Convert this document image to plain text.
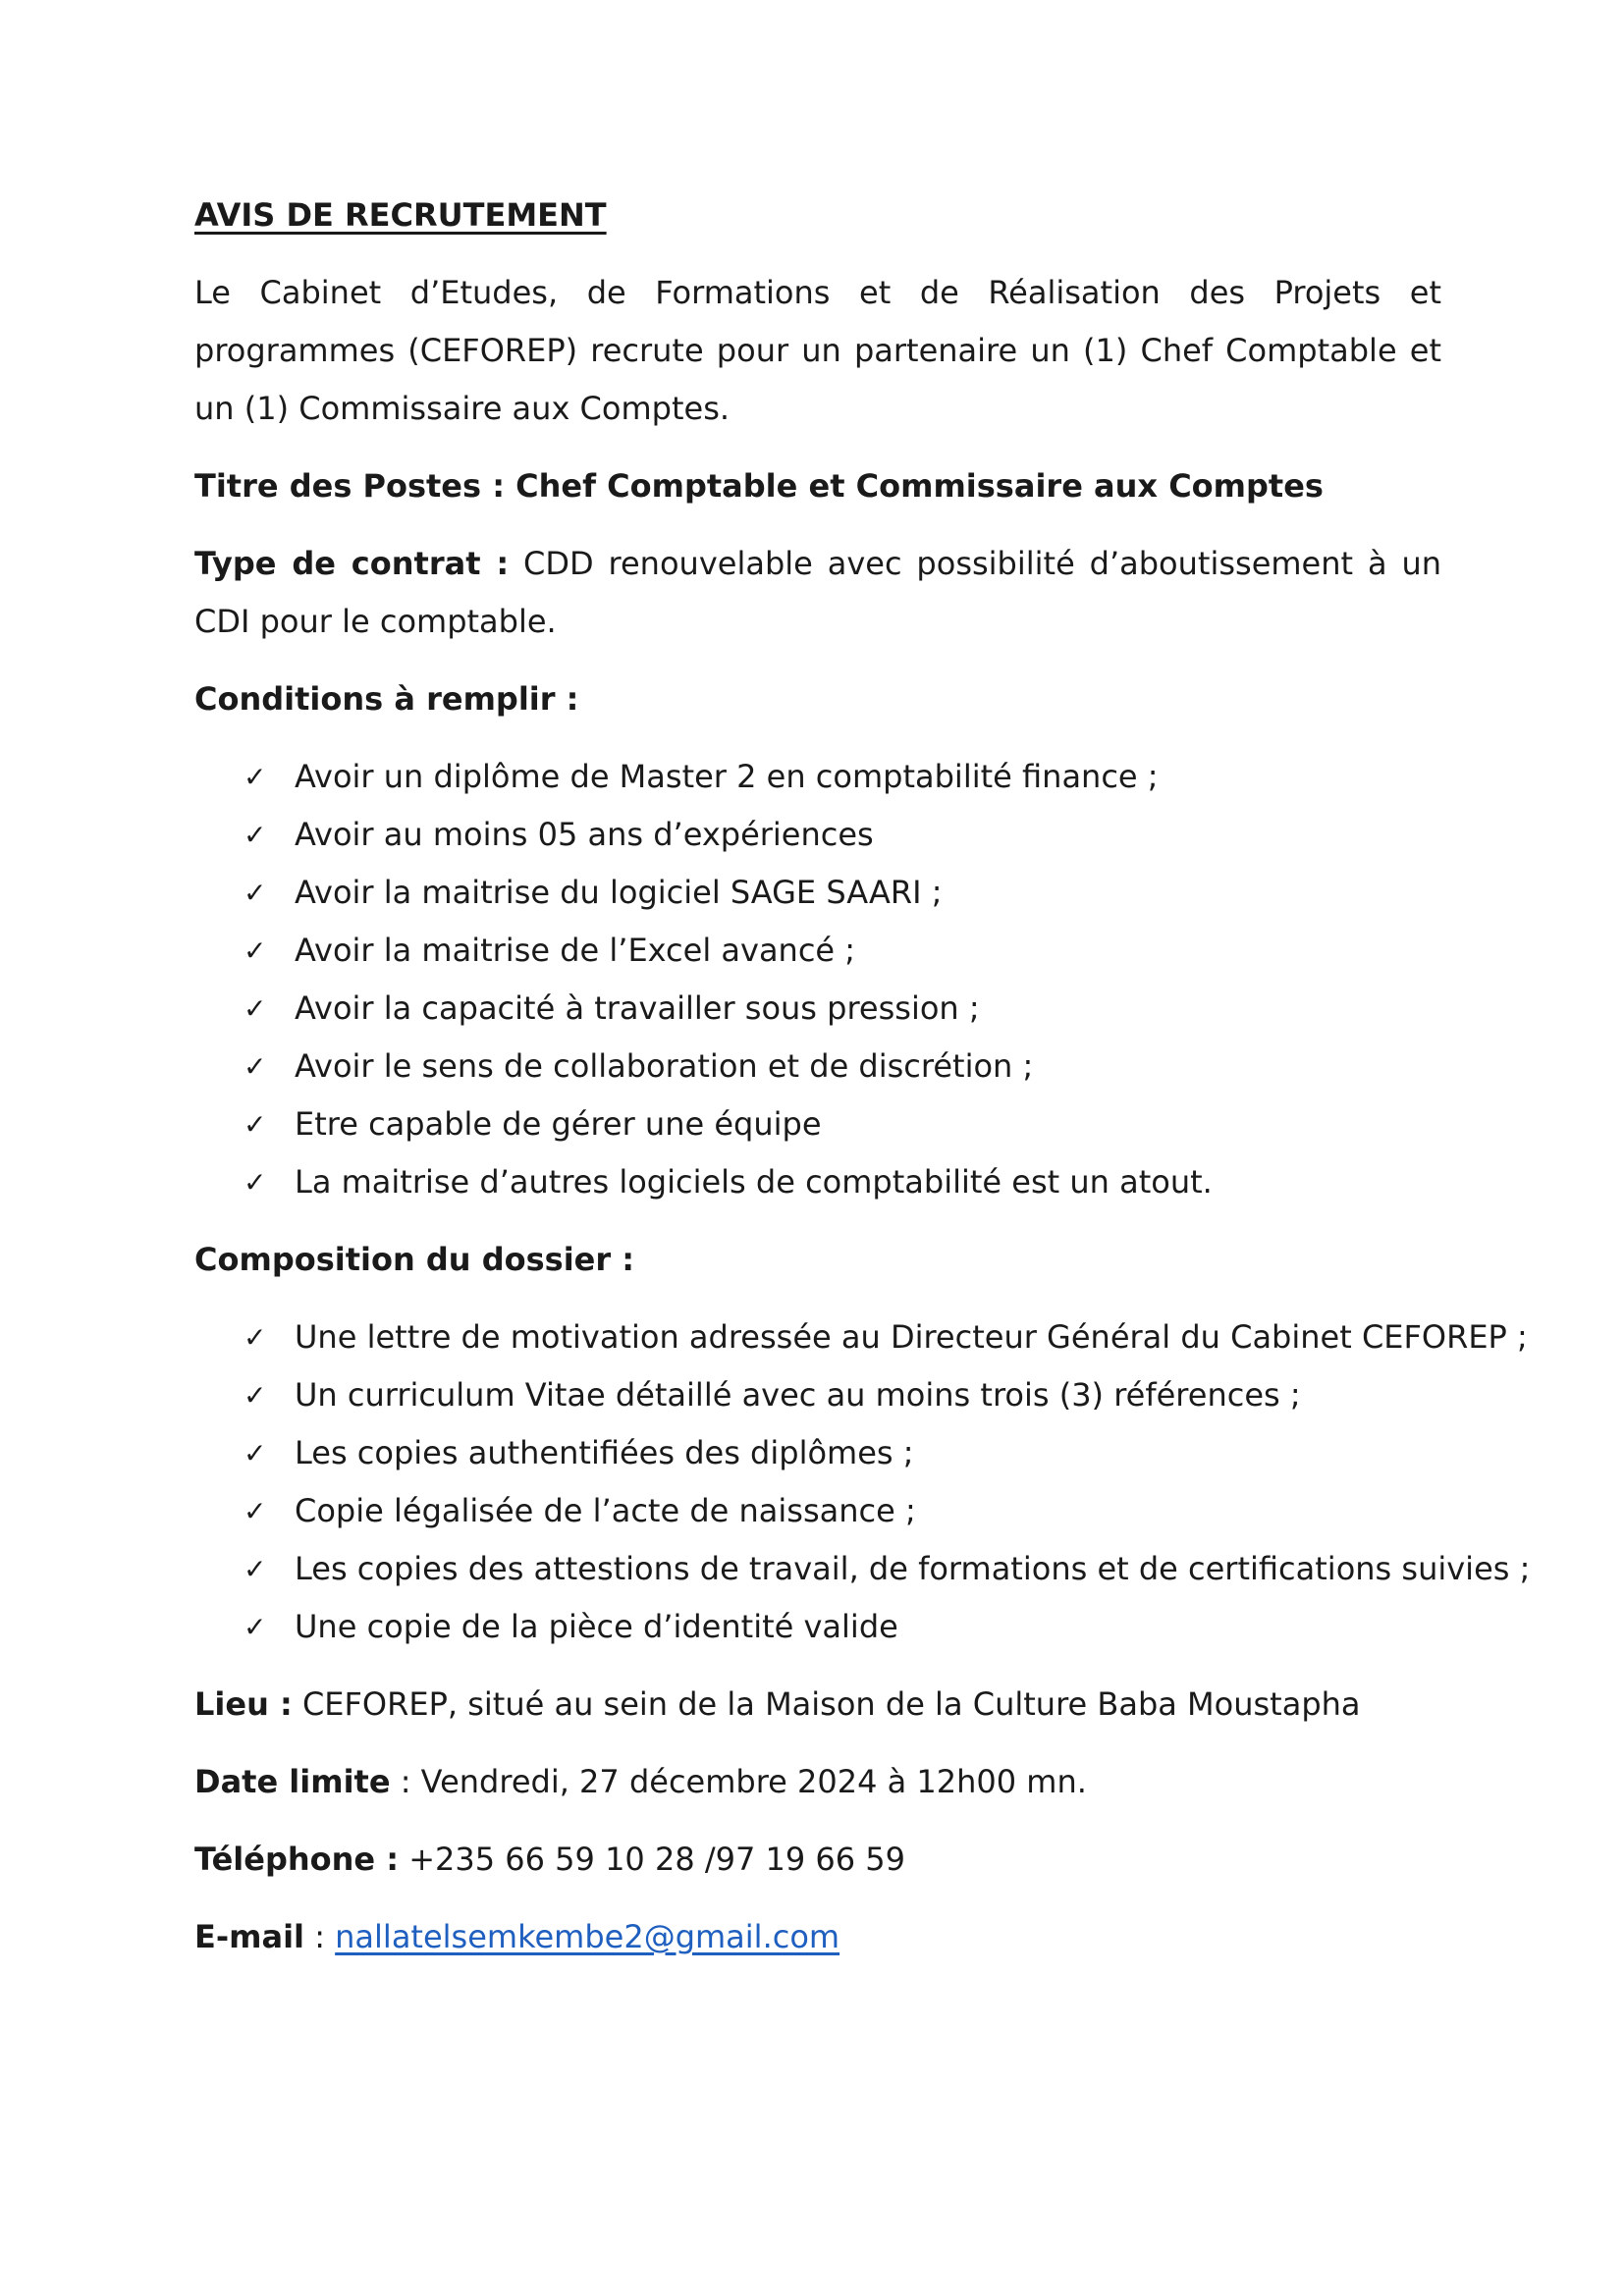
AVIS DE RECRUTEMENT

Le Cabinet d’Etudes, de Formations et de Réalisation des Projets et programmes (CEFOREP) recrute pour un partenaire un (1) Chef Comptable et un (1) Commissaire aux Comptes.

Titre des Postes : Chef Comptable et Commissaire aux Comptes

Type de contrat : CDD renouvelable avec possibilité d’aboutissement à un CDI pour le comptable.

Conditions à remplir :

✓ Avoir un diplôme de Master 2 en comptabilité finance ;
✓ Avoir au moins 05 ans d’expériences
✓ Avoir la maitrise du logiciel SAGE SAARI ;
✓ Avoir la maitrise de l’Excel avancé ;
✓ Avoir la capacité à travailler sous pression ;
✓ Avoir le sens de collaboration et de discrétion ;
✓ Etre capable de gérer une équipe
✓ La maitrise d’autres logiciels de comptabilité est un atout.

Composition du dossier :

✓ Une lettre de motivation adressée au Directeur Général du Cabinet CEFOREP ;
✓ Un curriculum Vitae détaillé avec au moins trois (3) références ;
✓ Les copies authentifiées des diplômes ;
✓ Copie légalisée de l’acte de naissance ;
✓ Les copies des attestions de travail, de formations et de certifications suivies ;
✓ Une copie de la pièce d’identité valide

Lieu : CEFOREP, situé au sein de la Maison de la Culture Baba Moustapha

Date limite : Vendredi, 27 décembre 2024 à 12h00 mn.

Téléphone : +235 66 59 10 28 /97 19 66 59

E-mail : nallatelsemkembe2@gmail.com
